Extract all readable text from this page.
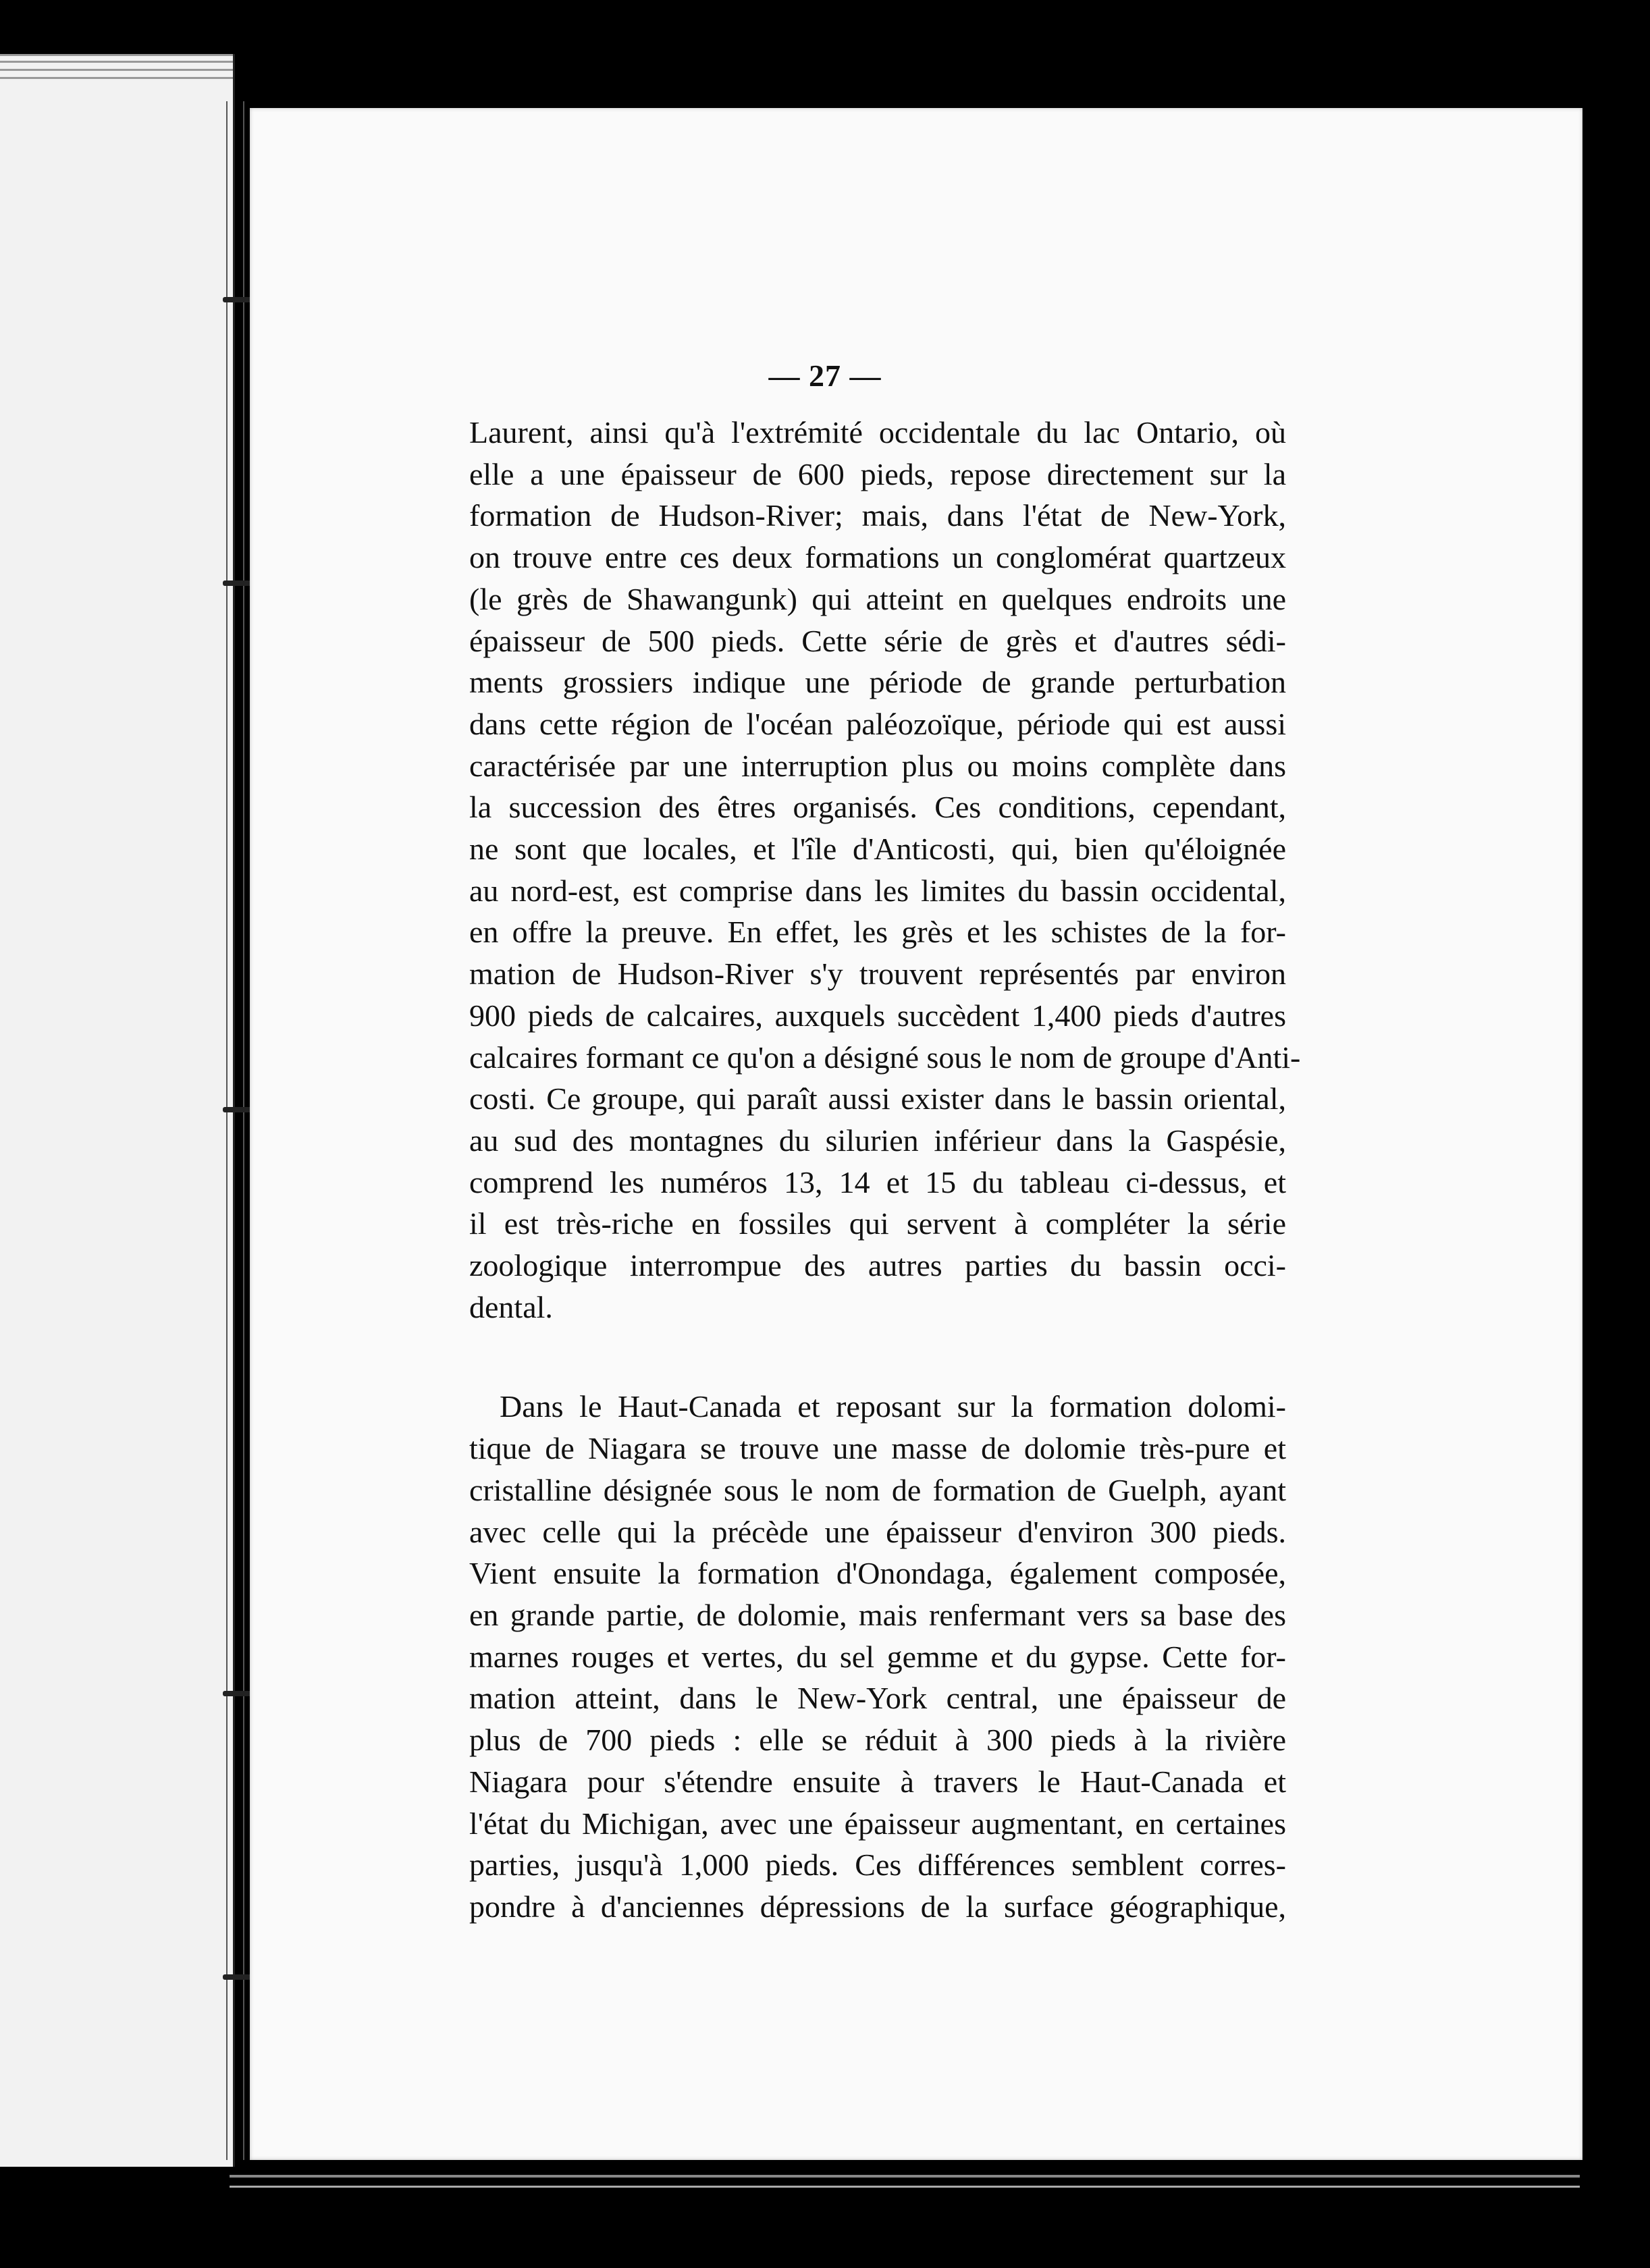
— 27 —

Laurent, ainsi qu'à l'extrémité occidentale du lac Ontario, où
elle a une épaisseur de 600 pieds, repose directement sur la
formation de Hudson-River; mais, dans l'état de New-York,
on trouve entre ces deux formations un conglomérat quartzeux
(le grès de Shawangunk) qui atteint en quelques endroits une
épaisseur de 500 pieds. Cette série de grès et d'autres sédi-
ments grossiers indique une période de grande perturbation
dans cette région de l'océan paléozoïque, période qui est aussi
caractérisée par une interruption plus ou moins complète dans
la succession des êtres organisés. Ces conditions, cependant,
ne sont que locales, et l'île d'Anticosti, qui, bien qu'éloignée
au nord-est, est comprise dans les limites du bassin occidental,
en offre la preuve. En effet, les grès et les schistes de la for-
mation de Hudson-River s'y trouvent représentés par environ
900 pieds de calcaires, auxquels succèdent 1,400 pieds d'autres
calcaires formant ce qu'on a désigné sous le nom de groupe d'Anti-
costi. Ce groupe, qui paraît aussi exister dans le bassin oriental,
au sud des montagnes du silurien inférieur dans la Gaspésie,
comprend les numéros 13, 14 et 15 du tableau ci-dessus, et
il est très-riche en fossiles qui servent à compléter la série
zoologique interrompue des autres parties du bassin occi-
dental.

Dans le Haut-Canada et reposant sur la formation dolomi-
tique de Niagara se trouve une masse de dolomie très-pure et
cristalline désignée sous le nom de formation de Guelph, ayant
avec celle qui la précède une épaisseur d'environ 300 pieds.
Vient ensuite la formation d'Onondaga, également composée,
en grande partie, de dolomie, mais renfermant vers sa base des
marnes rouges et vertes, du sel gemme et du gypse. Cette for-
mation atteint, dans le New-York central, une épaisseur de
plus de 700 pieds : elle se réduit à 300 pieds à la rivière
Niagara pour s'étendre ensuite à travers le Haut-Canada et
l'état du Michigan, avec une épaisseur augmentant, en certaines
parties, jusqu'à 1,000 pieds. Ces différences semblent corres-
pondre à d'anciennes dépressions de la surface géographique,
